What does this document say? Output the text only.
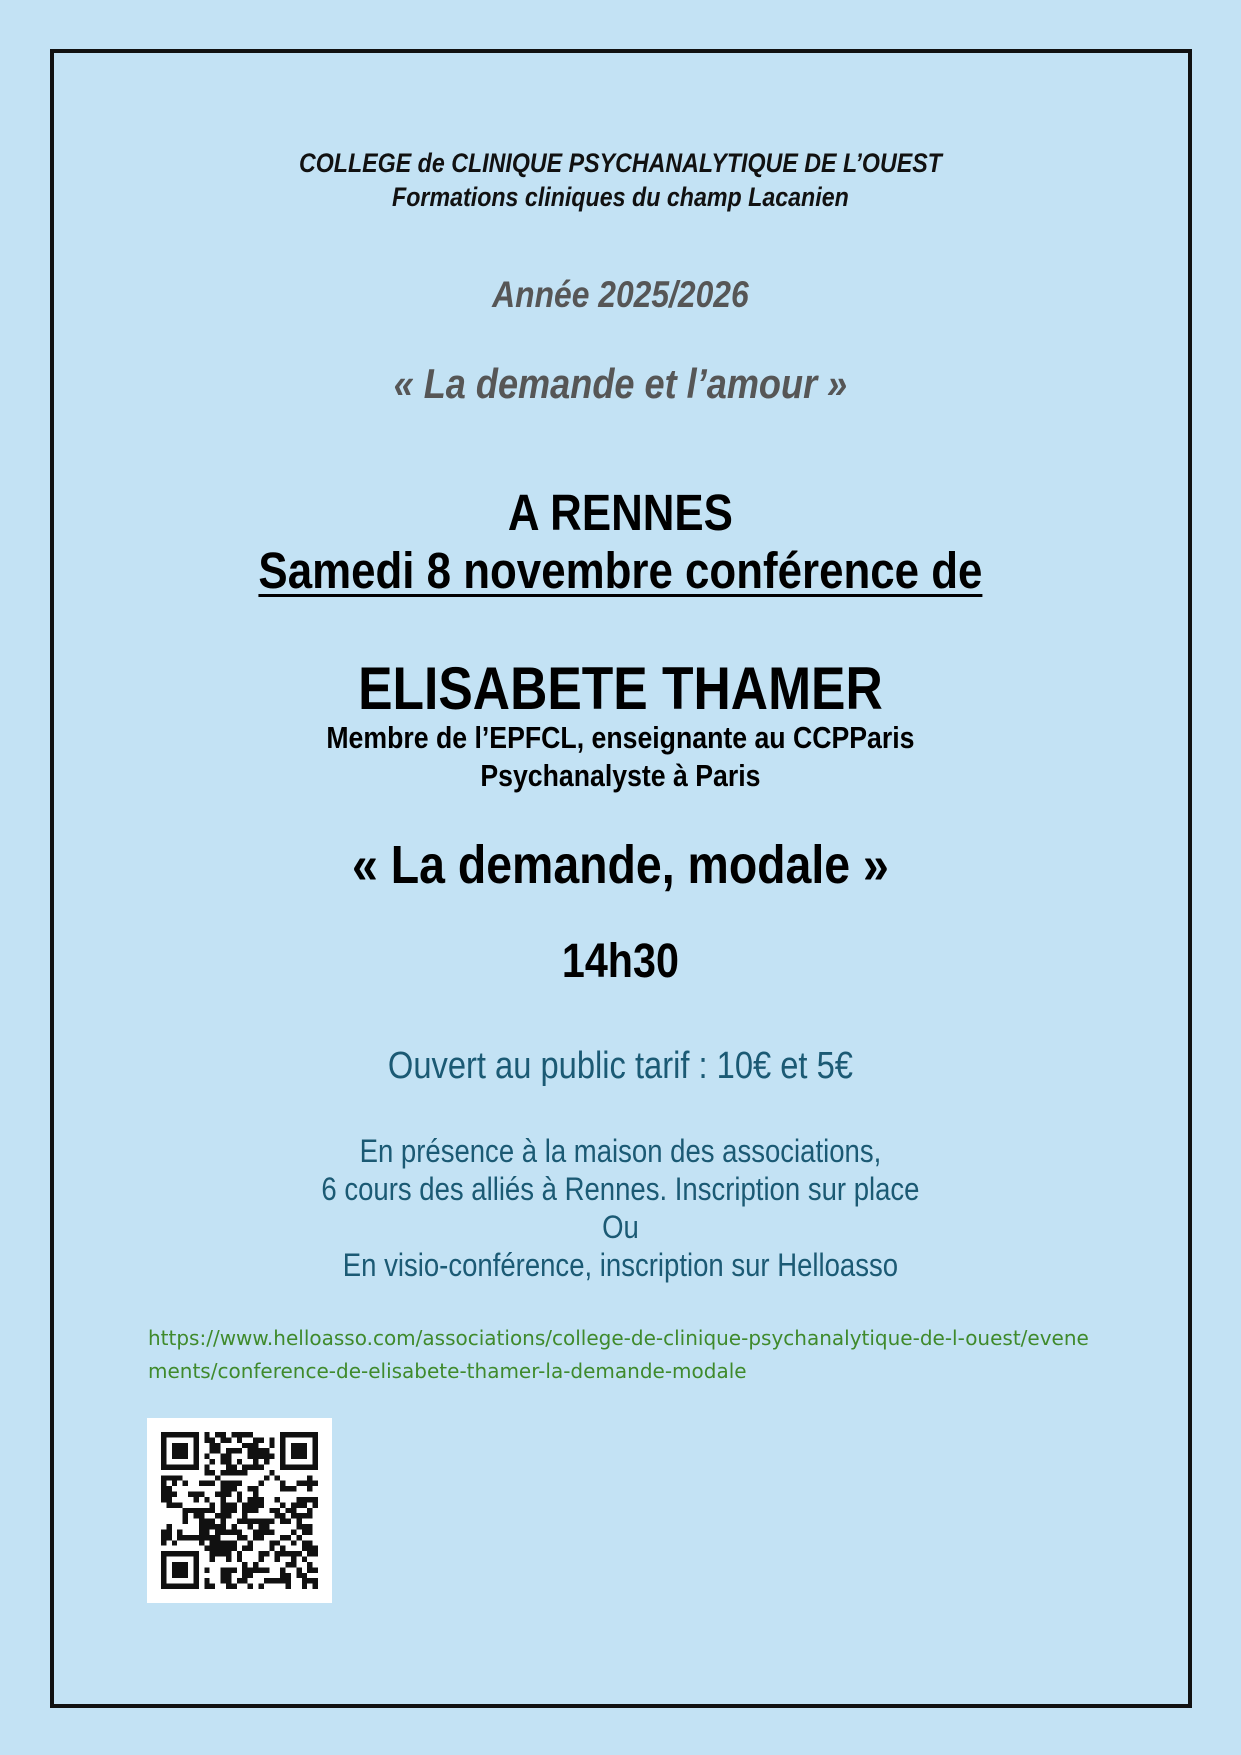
COLLEGE de CLINIQUE PSYCHANALYTIQUE DE L’OUEST
Formations cliniques du champ Lacanien
Année 2025/2026
« La demande et l’amour »
A RENNES
Samedi 8 novembre conférence de
ELISABETE THAMER
Membre de l’EPFCL, enseignante au CCPParis
Psychanalyste à Paris
« La demande, modale »
14h30
Ouvert au public tarif : 10€ et 5€
En présence à la maison des associations,
6 cours des alliés à Rennes. Inscription sur place
Ou
En visio-conférence, inscription sur Helloasso
https://www.helloasso.com/associations/college-de-clinique-psychanalytique-de-l-ouest/evenements/conference-de-elisabete-thamer-la-demande-modale
